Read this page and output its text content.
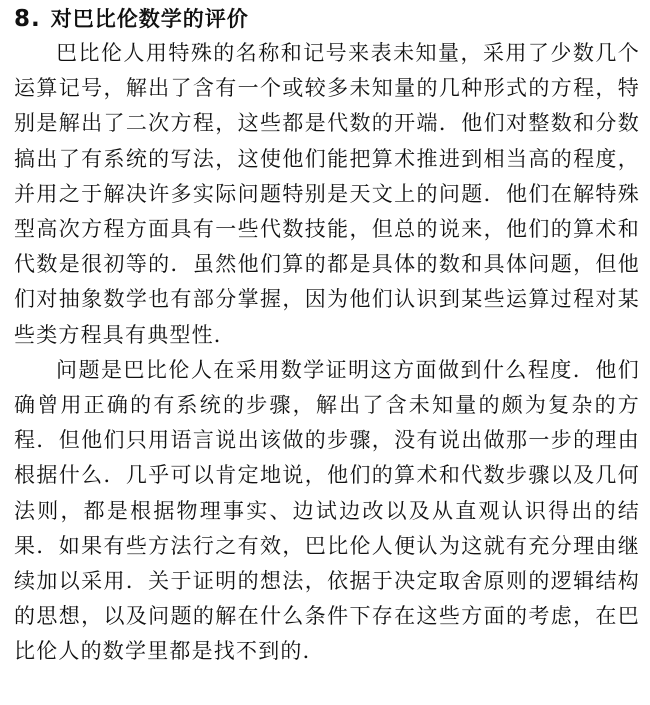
8. 对巴比伦数学的评价

巴比伦人用特殊的名称和记号来表未知量，采用了少数几个运算记号，解出了含有一个或较多未知量的几种形式的方程，特别是解出了二次方程，这些都是代数的开端．他们对整数和分数搞出了有系统的写法，这使他们能把算术推进到相当高的程度，并用之于解决许多实际问题特别是天文上的问题．他们在解特殊型高次方程方面具有一些代数技能，但总的说来，他们的算术和代数是很初等的．虽然他们算的都是具体的数和具体问题，但他们对抽象数学也有部分掌握，因为他们认识到某些运算过程对某些类方程具有典型性．

问题是巴比伦人在采用数学证明这方面做到什么程度．他们确曾用正确的有系统的步骤，解出了含未知量的颇为复杂的方程．但他们只用语言说出该做的步骤，没有说出做那一步的理由根据什么．几乎可以肯定地说，他们的算术和代数步骤以及几何法则，都是根据物理事实、边试边改以及从直观认识得出的结果．如果有些方法行之有效，巴比伦人便认为这就有充分理由继续加以采用．关于证明的想法，依据于决定取舍原则的逻辑结构的思想，以及问题的解在什么条件下存在这些方面的考虑，在巴比伦人的数学里都是找不到的．
